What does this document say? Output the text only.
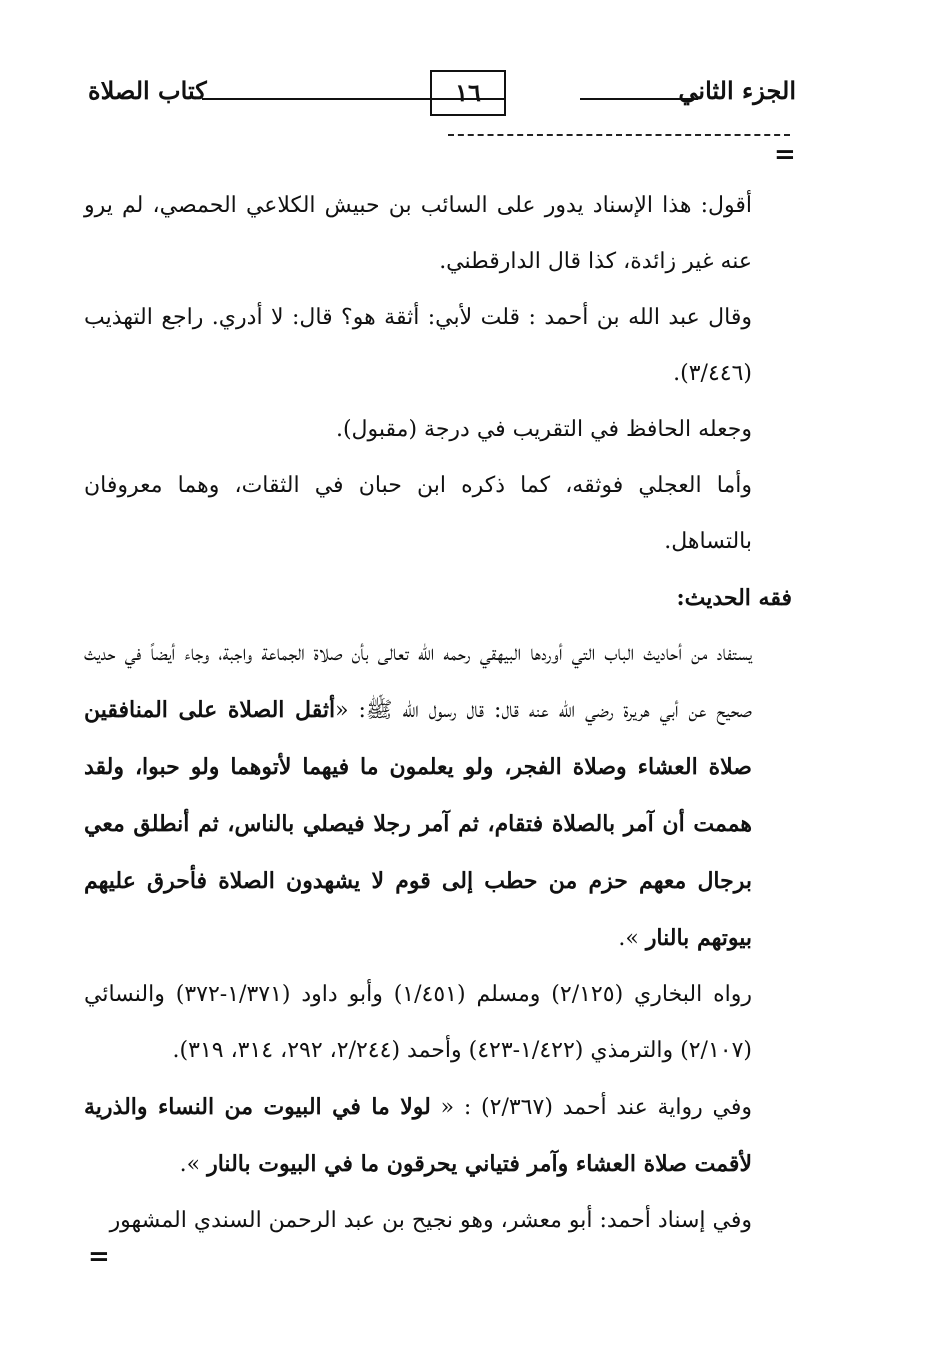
الجزء الثاني
١٦
كتاب الصلاة
=

أقول: هذا الإسناد يدور على السائب بن حبيش الكلاعي الحمصي، لم يرو عنه غير زائدة، كذا قال الدارقطني.

وقال عبد الله بن أحمد : قلت لأبي: أثقة هو؟ قال: لا أدري. راجع التهذيب (٣/٤٤٦).

وجعله الحافظ في التقريب في درجة (مقبول).

وأما العجلي فوثقه، كما ذكره ابن حبان في الثقات، وهما معروفان بالتساهل.

فقه الحديث:

يستفاد من أحاديث الباب التي أوردها البيهقي رحمه الله تعالى بأن صلاة الجماعة واجبة، وجاء أيضاً في حديث صحيح عن أبي هريرة رضي الله عنه قال: قال رسول الله ﷺ: «أثقل الصلاة على المنافقين صلاة العشاء وصلاة الفجر، ولو يعلمون ما فيهما لأتوهما ولو حبوا، ولقد هممت أن آمر بالصلاة فتقام، ثم آمر رجلا فيصلي بالناس، ثم أنطلق معي برجال معهم حزم من حطب إلى قوم لا يشهدون الصلاة فأحرق عليهم بيوتهم بالنار ».

رواه البخاري (٢/١٢٥) ومسلم (١/٤٥١) وأبو داود (١/٣٧١-٣٧٢) والنسائي (٢/١٠٧) والترمذي (١/٤٢٢-٤٢٣) وأحمد (٢/٢٤٤، ٢٩٢، ٣١٤، ٣١٩).

وفي رواية عند أحمد (٢/٣٦٧) : « لولا ما في البيوت من النساء والذرية لأقمت صلاة العشاء وآمر فتياني يحرقون ما في البيوت بالنار ».

وفي إسناد أحمد: أبو معشر، وهو نجيح بن عبد الرحمن السندي المشهور

=
